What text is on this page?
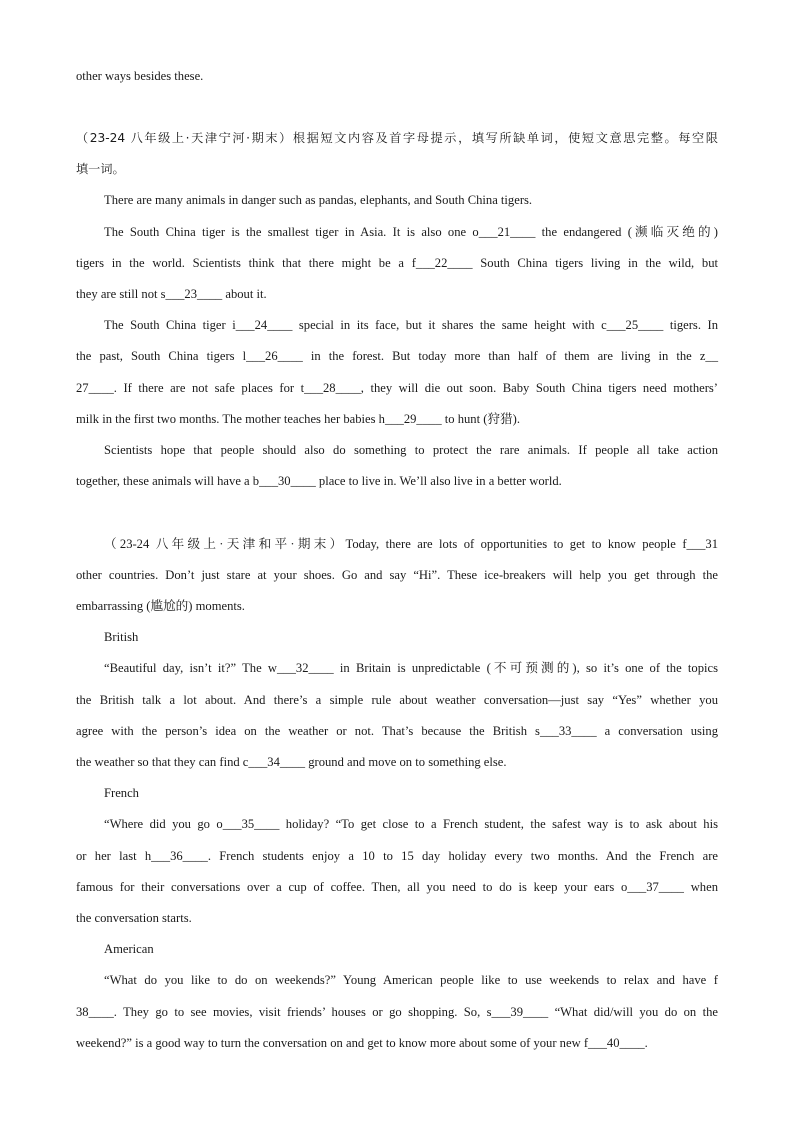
other ways besides these.
（23-24 八年级上·天津宁河·期末）根据短文内容及首字母提示，填写所缺单词，使短文意思完整。每空限
填一词。
There are many animals in danger such as pandas, elephants, and South China tigers.
The South China tiger is the smallest tiger in Asia. It is also one o___21____ the endangered (濒临灭绝的)
tigers in the world. Scientists think that there might be a f___22____ South China tigers living in the wild, but
they are still not s___23____ about it.
The South China tiger i___24____ special in its face, but it shares the same height with c___25____ tigers. In
the past, South China tigers l___26____ in the forest. But today more than half of them are living in the z__
27____. If there are not safe places for t___28____, they will die out soon. Baby South China tigers need mothers’
milk in the first two months. The mother teaches her babies h___29____ to hunt (狩猎).
Scientists hope that people should also do something to protect the rare animals. If people all take action
together, these animals will have a b___30____ place to live in. We’ll also live in a better world.
（23-24 八年级上·天津和平·期末）Today, there are lots of opportunities to get to know people f___31
other countries. Don’t just stare at your shoes. Go and say “Hi”. These ice-breakers will help you get through the
embarrassing (尴尬的) moments.
British
“Beautiful day, isn’t it?” The w___32____ in Britain is unpredictable (不可预测的), so it’s one of the topics
the British talk a lot about. And there’s a simple rule about weather conversation—just say “Yes” whether you
agree with the person’s idea on the weather or not. That’s because the British s___33____ a conversation using
the weather so that they can find c___34____ ground and move on to something else.
French
“Where did you go o___35____ holiday? “To get close to a French student, the safest way is to ask about his
or her last h___36____. French students enjoy a 10 to 15 day holiday every two months. And the French are
famous for their conversations over a cup of coffee. Then, all you need to do is keep your ears o___37____ when
the conversation starts.
American
“What do you like to do on weekends?” Young American people like to use weekends to relax and have f
38____. They go to see movies, visit friends’ houses or go shopping. So, s___39____ “What did/will you do on the
weekend?” is a good way to turn the conversation on and get to know more about some of your new f___40____.
